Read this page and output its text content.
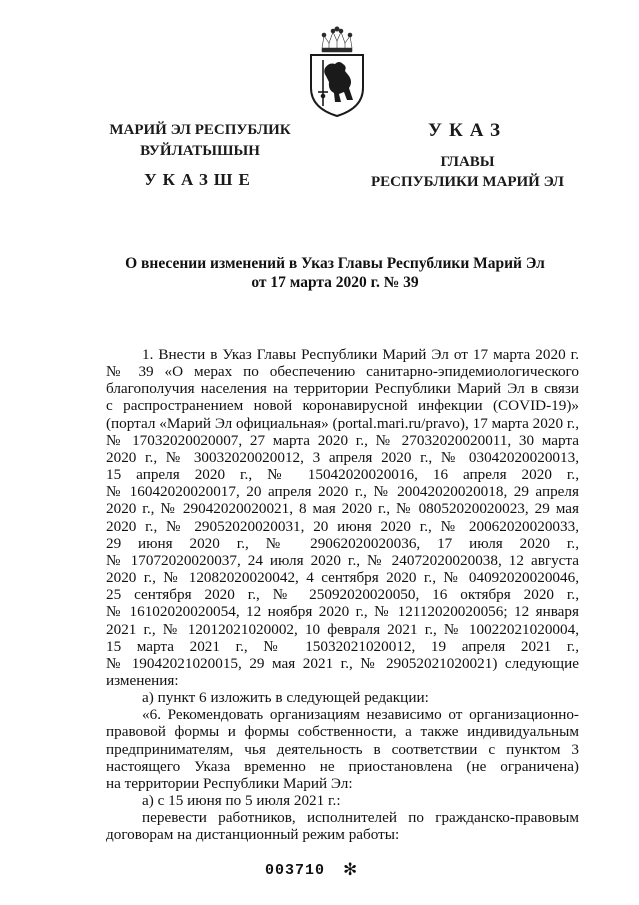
МАРИЙ ЭЛ РЕСПУБЛИК
ВУЙЛАТЫШЫН
УКАЗШЕ
УКАЗ
ГЛАВЫ
РЕСПУБЛИКИ МАРИЙ ЭЛ
О внесении изменений в Указ Главы Республики Марий Эл
от 17 марта 2020 г. № 39

1. Внести в Указ Главы Республики Марий Эл от 17 марта 2020 г.

№ 39 «О мерах по обеспечению санитарно-эпидемиологического

благополучия населения на территории Республики Марий Эл в связи

с распространением новой коронавирусной инфекции (COVID-19)»

(портал «Марий Эл официальная» (portal.mari.ru/pravo), 17 марта 2020 г.,

№ 17032020020007, 27 марта 2020 г., № 27032020020011, 30 марта

2020 г., № 30032020020012, 3 апреля 2020 г., № 03042020020013,

15 апреля 2020 г., № 15042020020016, 16 апреля 2020 г.,

№ 16042020020017, 20 апреля 2020 г., № 20042020020018, 29 апреля

2020 г., № 29042020020021, 8 мая 2020 г., № 08052020020023, 29 мая

2020 г., № 29052020020031, 20 июня 2020 г., № 20062020020033,

29 июня 2020 г., № 29062020020036, 17 июля 2020 г.,

№ 17072020020037, 24 июля 2020 г., № 24072020020038, 12 августа

2020 г., № 12082020020042, 4 сентября 2020 г., № 04092020020046,

25 сентября 2020 г., № 25092020020050, 16 октября 2020 г.,

№ 16102020020054, 12 ноября 2020 г., № 12112020020056; 12 января

2021 г., № 12012021020002, 10 февраля 2021 г., № 10022021020004,

15 марта 2021 г., № 15032021020012, 19 апреля 2021 г.,

№ 19042021020015, 29 мая 2021 г., № 29052021020021) следующие

изменения:

а) пункт 6 изложить в следующей редакции:

«6. Рекомендовать организациям независимо от организационно-

правовой формы и формы собственности, а также индивидуальным

предпринимателям, чья деятельность в соответствии с пунктом 3

настоящего Указа временно не приостановлена (не ограничена)

на территории Республики Марий Эл:

а) с 15 июня по 5 июля 2021 г.:

перевести работников, исполнителей по гражданско-правовым

договорам на дистанционный режим работы:

003710 ✻
